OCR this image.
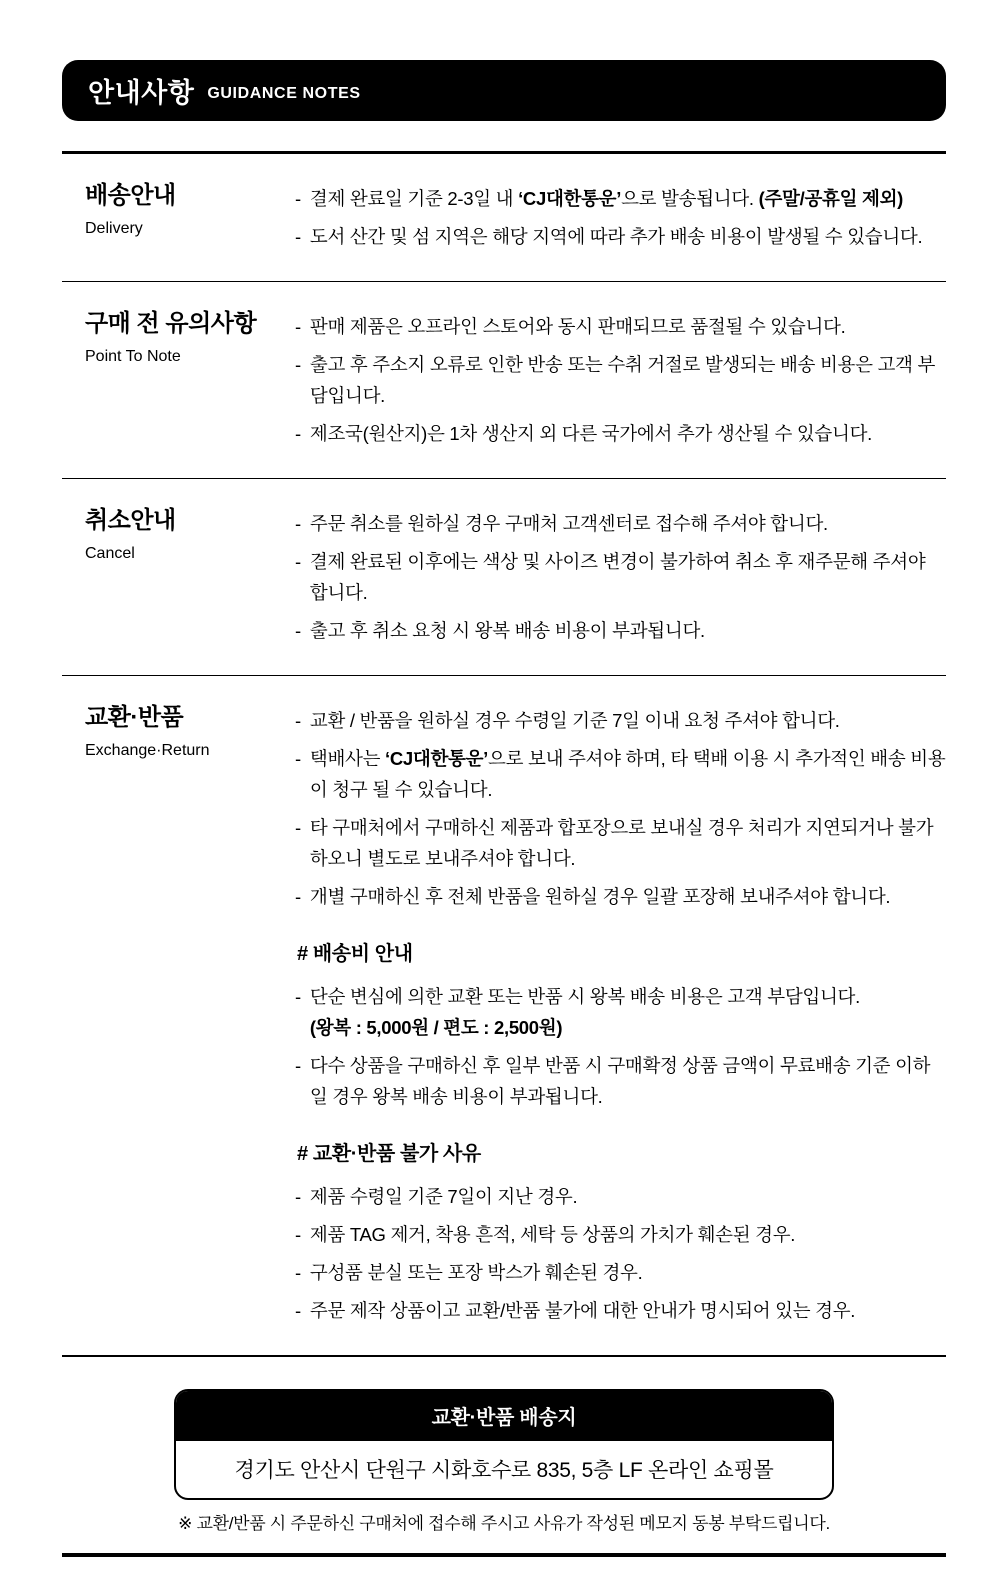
안내사항 GUIDANCE NOTES
배송안내
Delivery
- 결제 완료일 기준 2-3일 내 ‘CJ대한통운’으로 발송됩니다. (주말/공휴일 제외)
- 도서 산간 및 섬 지역은 해당 지역에 따라 추가 배송 비용이 발생될 수 있습니다.
구매 전 유의사항
Point To Note
- 판매 제품은 오프라인 스토어와 동시 판매되므로 품절될 수 있습니다.
- 출고 후 주소지 오류로 인한 반송 또는 수취 거절로 발생되는 배송 비용은 고객 부담입니다.
- 제조국(원산지)은 1차 생산지 외 다른 국가에서 추가 생산될 수 있습니다.
취소안내
Cancel
- 주문 취소를 원하실 경우 구매처 고객센터로 접수해 주셔야 합니다.
- 결제 완료된 이후에는 색상 및 사이즈 변경이 불가하여 취소 후 재주문해 주셔야 합니다.
- 출고 후 취소 요청 시 왕복 배송 비용이 부과됩니다.
교환·반품
Exchange·Return
- 교환 / 반품을 원하실 경우 수령일 기준 7일 이내 요청 주셔야 합니다.
- 택배사는 ‘CJ대한통운’으로 보내 주셔야 하며, 타 택배 이용 시 추가적인 배송 비용이 청구 될 수 있습니다.
- 타 구매처에서 구매하신 제품과 합포장으로 보내실 경우 처리가 지연되거나 불가하오니 별도로 보내주셔야 합니다.
- 개별 구매하신 후 전체 반품을 원하실 경우 일괄 포장해 보내주셔야 합니다.
# 배송비 안내
- 단순 변심에 의한 교환 또는 반품 시 왕복 배송 비용은 고객 부담입니다.
(왕복 : 5,000원 / 편도 : 2,500원)
- 다수 상품을 구매하신 후 일부 반품 시 구매확정 상품 금액이 무료배송 기준 이하일 경우 왕복 배송 비용이 부과됩니다.
# 교환·반품 불가 사유
- 제품 수령일 기준 7일이 지난 경우.
- 제품 TAG 제거, 착용 흔적, 세탁 등 상품의 가치가 훼손된 경우.
- 구성품 분실 또는 포장 박스가 훼손된 경우.
- 주문 제작 상품이고 교환/반품 불가에 대한 안내가 명시되어 있는 경우.
교환·반품 배송지
경기도 안산시 단원구 시화호수로 835, 5층 LF 온라인 쇼핑몰
※ 교환/반품 시 주문하신 구매처에 접수해 주시고 사유가 작성된 메모지 동봉 부탁드립니다.
